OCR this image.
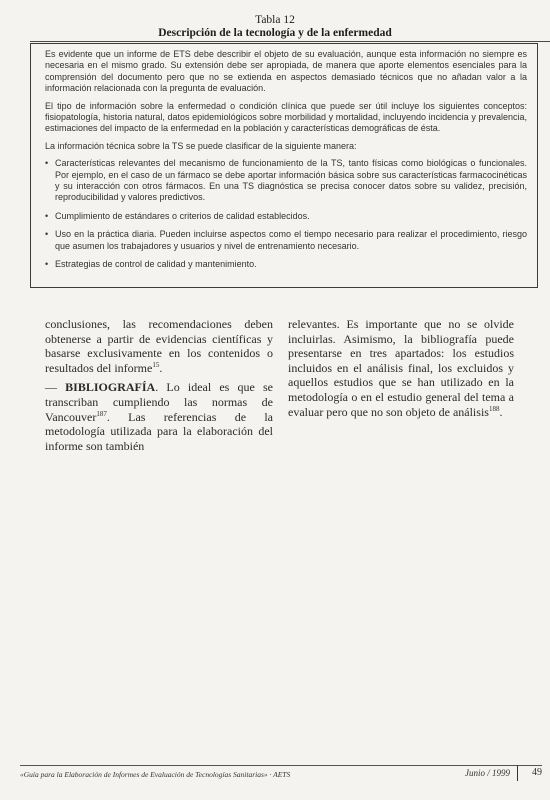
Tabla 12
Descripción de la tecnología y de la enfermedad

Es evidente que un informe de ETS debe describir el objeto de su evaluación, aunque esta información no siempre es necesaria en el mismo grado. Su extensión debe ser apropiada, de manera que aporte elementos esenciales para la comprensión del documento pero que no se extienda en aspectos demasiado técnicos que no añadan valor a la información relacionada con la pregunta de evaluación.

El tipo de información sobre la enfermedad o condición clínica que puede ser útil incluye los siguientes conceptos: fisiopatología, historia natural, datos epidemiológicos sobre morbilidad y mortalidad, incluyendo incidencia y prevalencia, estimaciones del impacto de la enfermedad en la población y características demográficas de ésta.

La información técnica sobre la TS se puede clasificar de la siguiente manera:

• Características relevantes del mecanismo de funcionamiento de la TS, tanto físicas como biológicas o funcionales. Por ejemplo, en el caso de un fármaco se debe aportar información básica sobre sus características farmacocinéticas y su interacción con otros fármacos. En una TS diagnóstica se precisa conocer datos sobre su validez, precisión, reproducibilidad y valores predictivos.
• Cumplimiento de estándares o criterios de calidad establecidos.
• Uso en la práctica diaria. Pueden incluirse aspectos como el tiempo necesario para realizar el procedimiento, riesgo que asumen los trabajadores y usuarios y nivel de entrenamiento necesario.
• Estrategias de control de calidad y mantenimiento.

conclusiones, las recomendaciones deben obtenerse a partir de evidencias científicas y basarse exclusivamente en los contenidos o resultados del informe$^{15}$.

— BIBLIOGRAFÍA. Lo ideal es que se transcriban cumpliendo las normas de Vancouver$^{187}$. Las referencias de la metodología utilizada para la elaboración del informe son también

relevantes. Es importante que no se olvide incluirlas. Asimismo, la bibliografía puede presentarse en tres apartados: los estudios incluidos en el análisis final, los excluidos y aquellos estudios que se han utilizado en la metodología o en el estudio general del tema a evaluar pero que no son objeto de análisis$^{188}$.

«Guía para la Elaboración de Informes de Evaluación de Tecnologías Sanitarias» · AETS	Junio / 1999	49
